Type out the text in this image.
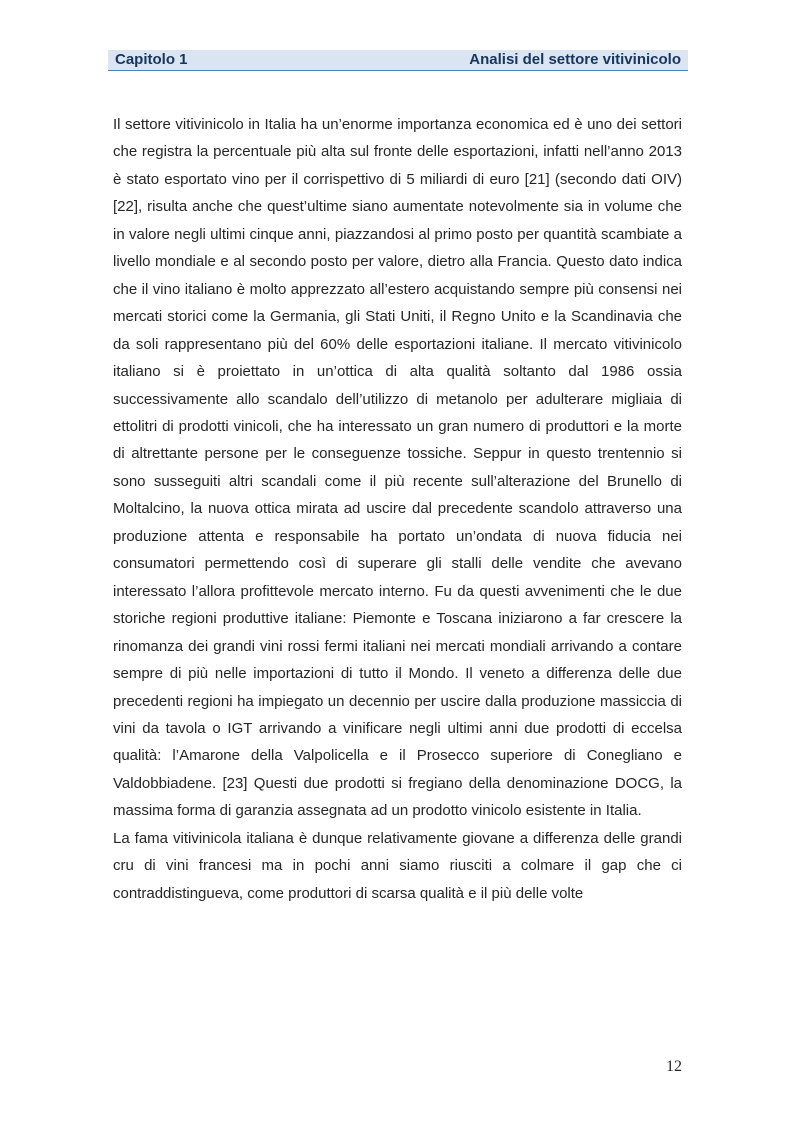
Capitolo 1	Analisi del settore vitivinicolo

Il settore vitivinicolo in Italia ha un’enorme importanza economica ed è uno dei settori che registra la percentuale più alta sul fronte delle esportazioni, infatti nell’anno 2013 è stato esportato vino per il corrispettivo di 5 miliardi di euro [21] (secondo dati OIV) [22], risulta anche che quest’ultime siano aumentate notevolmente sia in volume che in valore negli ultimi cinque anni, piazzandosi al primo posto per quantità scambiate a livello mondiale e al secondo posto per valore, dietro alla Francia. Questo dato indica che il vino italiano è molto apprezzato all’estero acquistando sempre più consensi nei mercati storici come la Germania, gli Stati Uniti, il Regno Unito e la Scandinavia che da soli rappresentano più del 60% delle esportazioni italiane. Il mercato vitivinicolo italiano si è proiettato in un’ottica di alta qualità soltanto dal 1986 ossia successivamente allo scandalo dell’utilizzo di metanolo per adulterare migliaia di ettolitri di prodotti vinicoli, che ha interessato un gran numero di produttori e la morte di altrettante persone per le conseguenze tossiche. Seppur in questo trentennio si sono susseguiti altri scandali come il più recente sull’alterazione del Brunello di Moltalcino, la nuova ottica mirata ad uscire dal precedente scandolo attraverso una produzione attenta e responsabile ha portato un’ondata di nuova fiducia nei consumatori permettendo così di superare gli stalli delle vendite che avevano interessato l’allora profittevole mercato interno. Fu da questi avvenimenti che le due storiche regioni produttive italiane: Piemonte e Toscana iniziarono a far crescere la rinomanza dei grandi vini rossi fermi italiani nei mercati mondiali arrivando a contare sempre di più nelle importazioni di tutto il Mondo. Il veneto a differenza delle due precedenti regioni ha impiegato un decennio per uscire dalla produzione massiccia di vini da tavola o IGT arrivando a vinificare negli ultimi anni due prodotti di eccelsa qualità: l’Amarone della Valpolicella e il Prosecco superiore di Conegliano e Valdobbiadene. [23] Questi due prodotti si fregiano della denominazione DOCG, la massima forma di garanzia assegnata ad un prodotto vinicolo esistente in Italia.

La fama vitivinicola italiana è dunque relativamente giovane a differenza delle grandi cru di vini francesi ma in pochi anni siamo riusciti a colmare il gap che ci contraddistingueva, come produttori di scarsa qualità e il più delle volte

12
